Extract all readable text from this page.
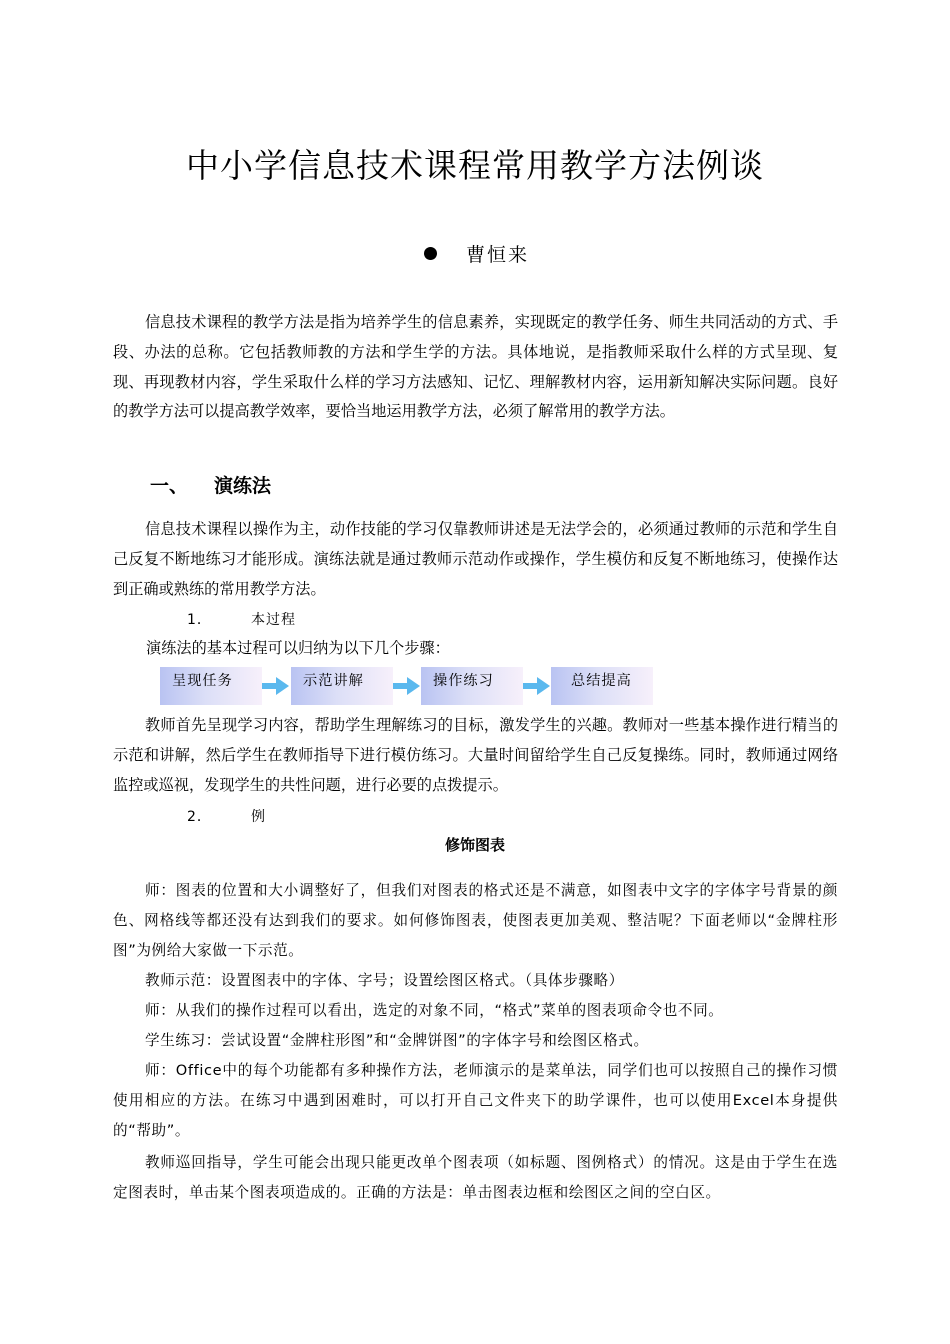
中小学信息技术课程常用教学方法例谈
曹恒来
信息技术课程的教学方法是指为培养学生的信息素养，实现既定的教学任务、师生共同活动的方式、手段、办法的总称。它包括教师教的方法和学生学的方法。具体地说，是指教师采取什么样的方式呈现、复现、再现教材内容，学生采取什么样的学习方法感知、记忆、理解教材内容，运用新知解决实际问题。良好的教学方法可以提高教学效率，要恰当地运用教学方法，必须了解常用的教学方法。
一、 演练法
信息技术课程以操作为主，动作技能的学习仅靠教师讲述是无法学会的，必须通过教师的示范和学生自己反复不断地练习才能形成。演练法就是通过教师示范动作或操作，学生模仿和反复不断地练习，使操作达到正确或熟练的常用教学方法。
1．	本过程
演练法的基本过程可以归纳为以下几个步骤：
呈现任务	示范讲解	操作练习	总结提高
教师首先呈现学习内容，帮助学生理解练习的目标，激发学生的兴趣。教师对一些基本操作进行精当的示范和讲解，然后学生在教师指导下进行模仿练习。大量时间留给学生自己反复操练。同时，教师通过网络监控或巡视，发现学生的共性问题，进行必要的点拨提示。
2．	例
修饰图表
师：图表的位置和大小调整好了，但我们对图表的格式还是不满意，如图表中文字的字体字号背景的颜色、网格线等都还没有达到我们的要求。如何修饰图表，使图表更加美观、整洁呢？下面老师以“金牌柱形图”为例给大家做一下示范。
教师示范：设置图表中的字体、字号；设置绘图区格式。（具体步骤略）
师：从我们的操作过程可以看出，选定的对象不同，“格式”菜单的图表项命令也不同。
学生练习：尝试设置“金牌柱形图”和“金牌饼图”的字体字号和绘图区格式。
师：Office中的每个功能都有多种操作方法，老师演示的是菜单法，同学们也可以按照自己的操作习惯使用相应的方法。在练习中遇到困难时，可以打开自己文件夹下的助学课件，也可以使用Excel本身提供的“帮助”。
教师巡回指导，学生可能会出现只能更改单个图表项（如标题、图例格式）的情况。这是由于学生在选定图表时，单击某个图表项造成的。正确的方法是：单击图表边框和绘图区之间的空白区。
